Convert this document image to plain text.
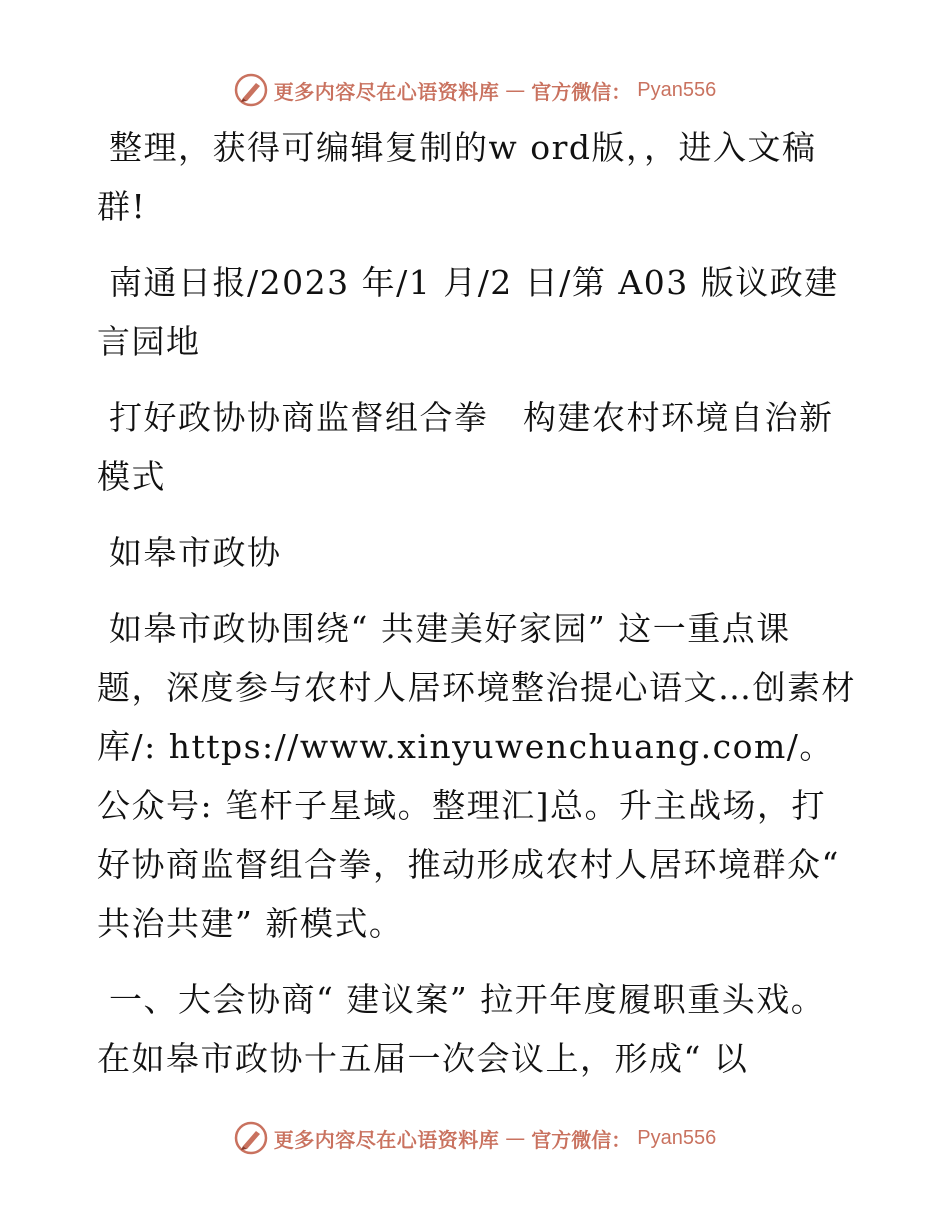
更多内容尽在心语资料库 — 官方微信： Pyan556

整理，获得可编辑复制的w ord版，，进入文稿群!

南通日报/2023 年/1 月/2 日/第 A03 版议政建言园地

打好政协协商监督组合拳　构建农村环境自治新模式

如皋市政协

如皋市政协围绕“ 共建美好家园” 这一重点课题，深度参与农村人居环境整治提心语文…创素材库/: https://www.xinyuwenchuang.com/。公众号: 笔杆子星域。整理汇]总。升主战场，打好协商监督组合拳，推动形成农村人居环境群众“ 共治共建” 新模式。

一、大会协商“ 建议案” 拉开年度履职重头戏。在如皋市政协十五届一次会议上，形成“ 以

更多内容尽在心语资料库 — 官方微信： Pyan556
